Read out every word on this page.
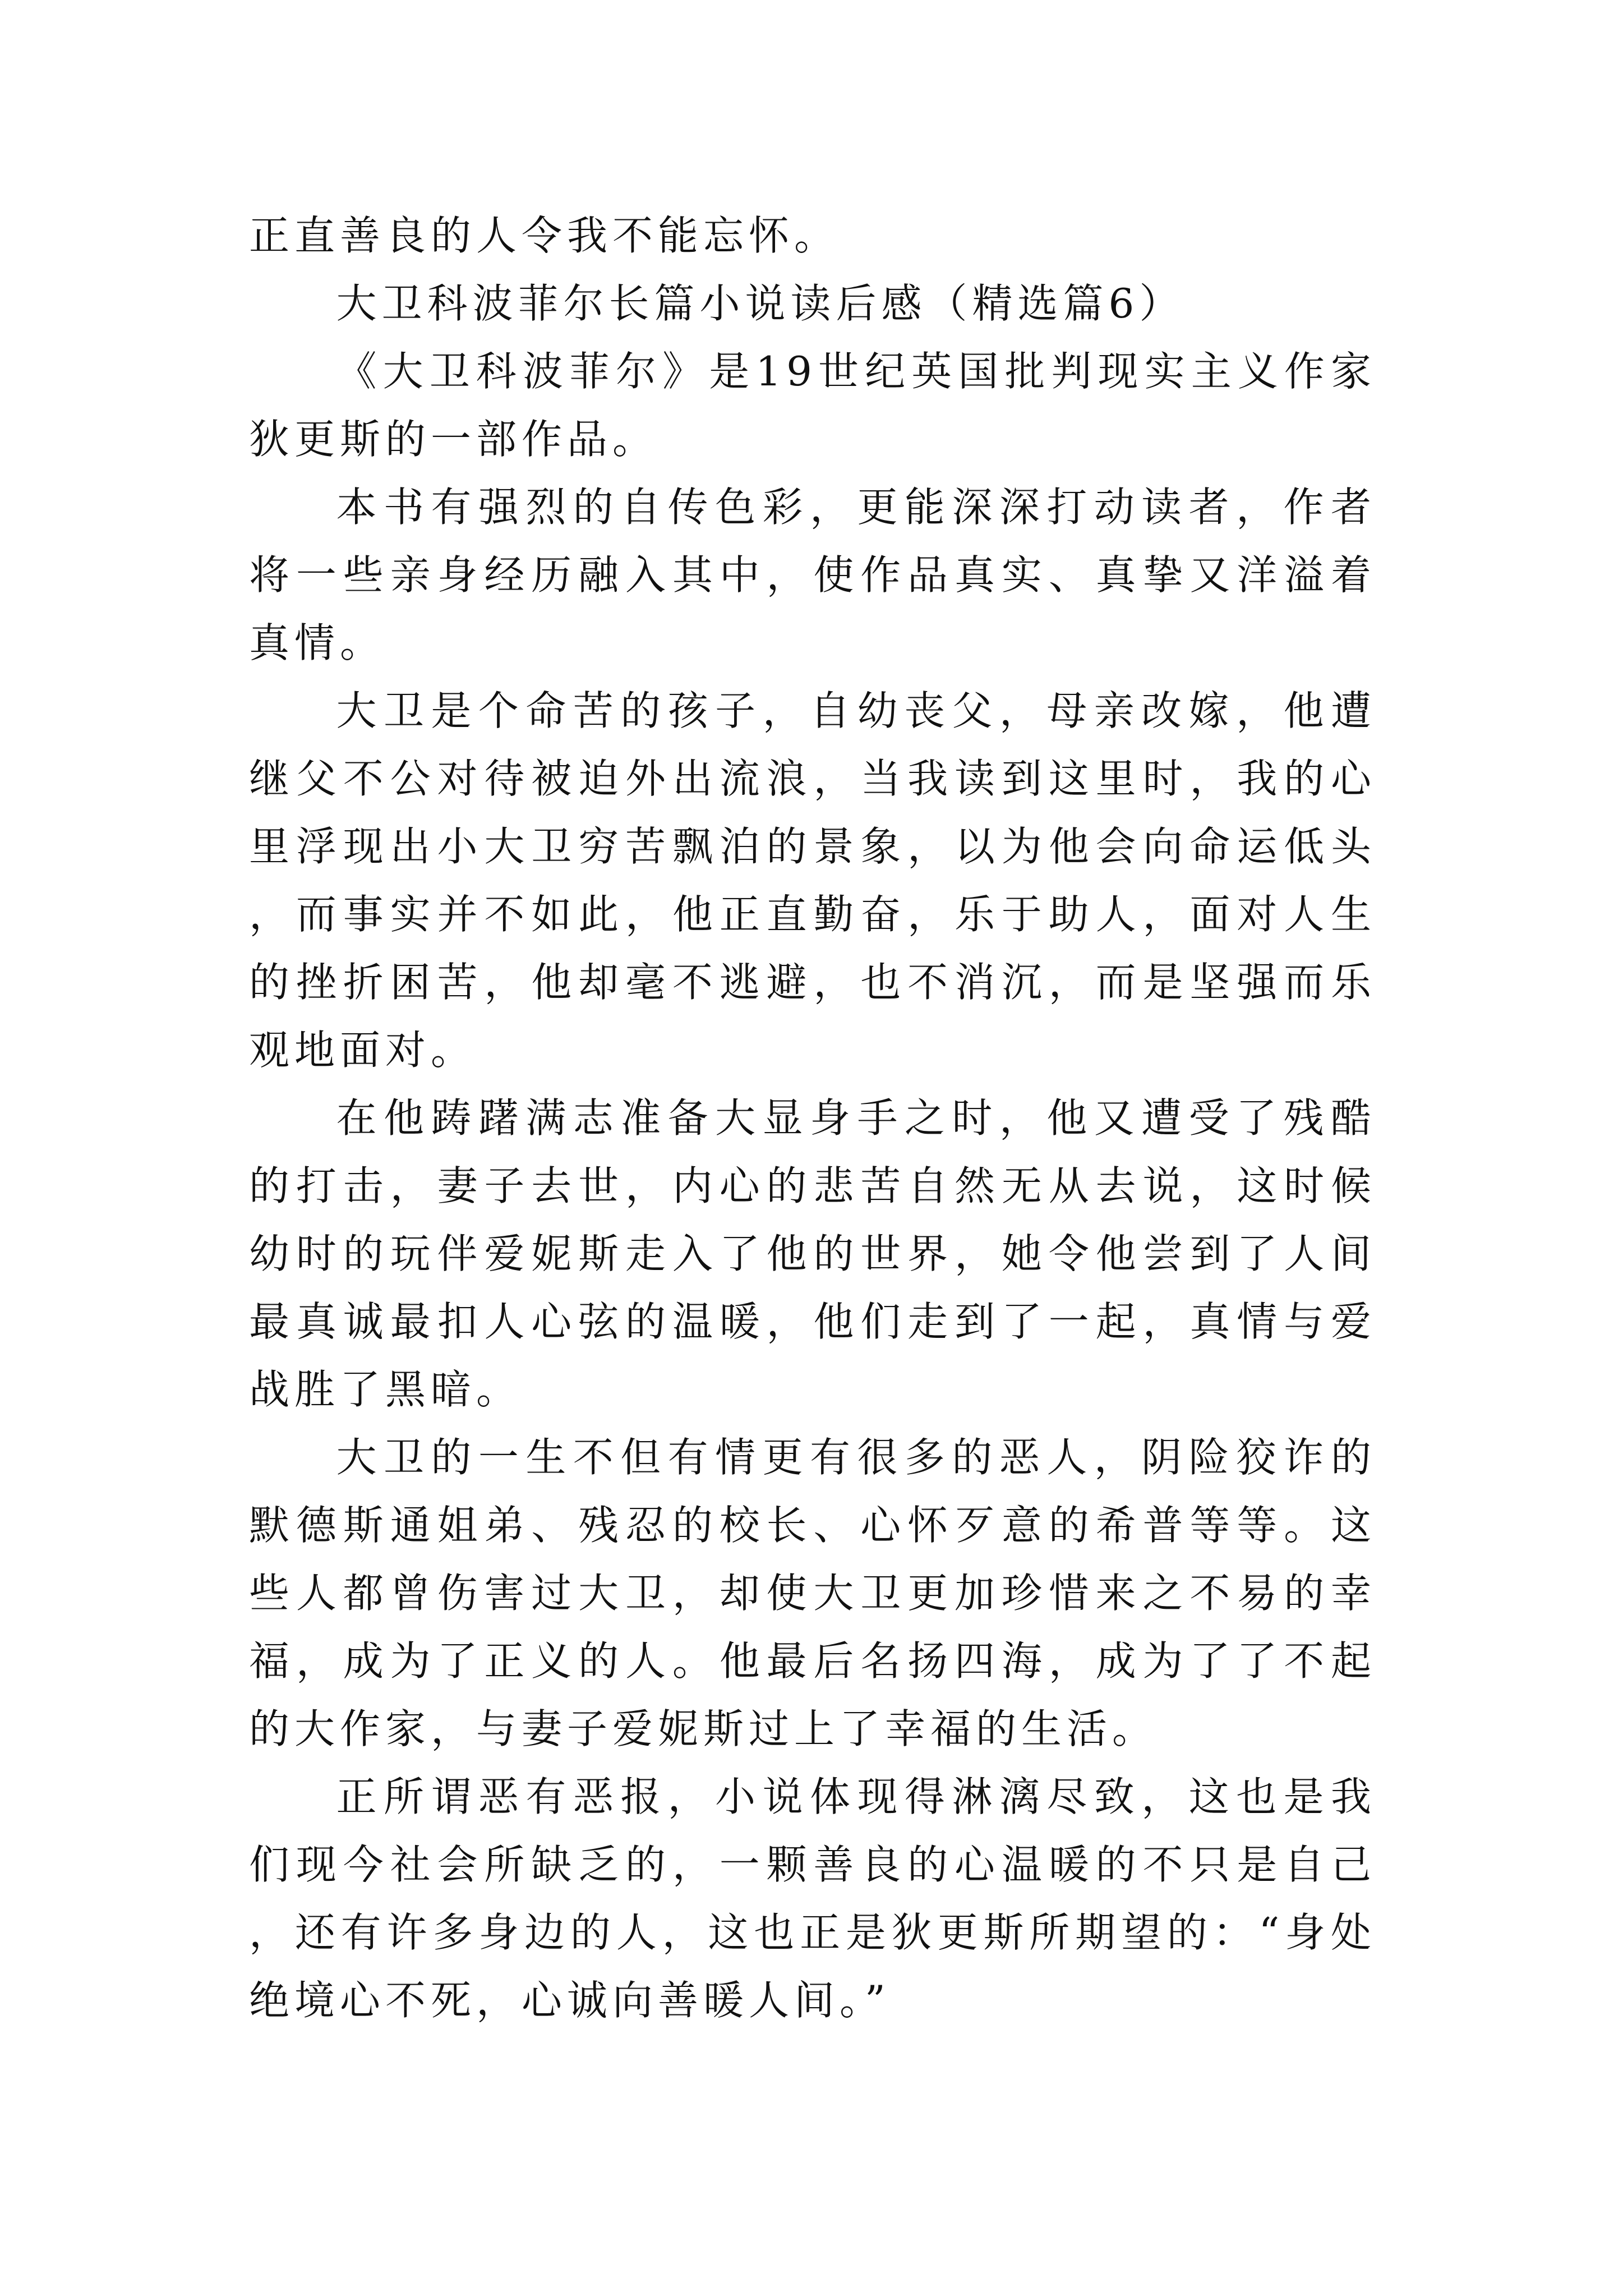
正直善良的人令我不能忘怀。

大卫科波菲尔长篇小说读后感（精选篇6）

《大卫科波菲尔》是19世纪英国批判现实主义作家狄更斯的一部作品。

本书有强烈的自传色彩，更能深深打动读者，作者将一些亲身经历融入其中，使作品真实、真挚又洋溢着真情。

大卫是个命苦的孩子，自幼丧父，母亲改嫁，他遭继父不公对待被迫外出流浪，当我读到这里时，我的心里浮现出小大卫穷苦飘泊的景象，以为他会向命运低头，而事实并不如此，他正直勤奋，乐于助人，面对人生的挫折困苦，他却毫不逃避，也不消沉，而是坚强而乐观地面对。

在他踌躇满志准备大显身手之时，他又遭受了残酷的打击，妻子去世，内心的悲苦自然无从去说，这时候幼时的玩伴爱妮斯走入了他的世界，她令他尝到了人间最真诚最扣人心弦的温暖，他们走到了一起，真情与爱战胜了黑暗。

大卫的一生不但有情更有很多的恶人，阴险狡诈的默德斯通姐弟、残忍的校长、心怀歹意的希普等等。这些人都曾伤害过大卫，却使大卫更加珍惜来之不易的幸福，成为了正义的人。他最后名扬四海，成为了了不起的大作家，与妻子爱妮斯过上了幸福的生活。

正所谓恶有恶报，小说体现得淋漓尽致，这也是我们现今社会所缺乏的，一颗善良的心温暖的不只是自己，还有许多身边的人，这也正是狄更斯所期望的：“身处绝境心不死，心诚向善暖人间。”
